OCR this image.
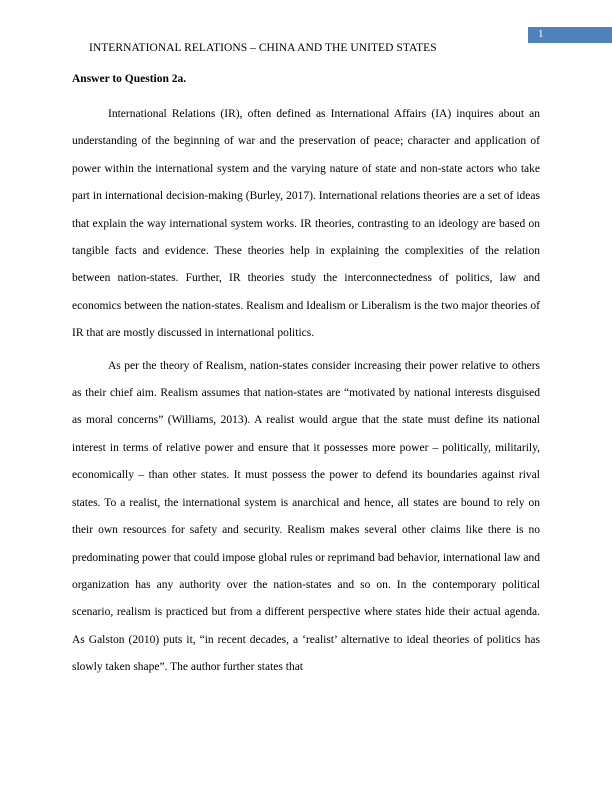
1
INTERNATIONAL RELATIONS – CHINA AND THE UNITED STATES
Answer to Question 2a.

International Relations (IR), often defined as International Affairs (IA) inquires about an understanding of the beginning of war and the preservation of peace; character and application of power within the international system and the varying nature of state and non-state actors who take part in international decision-making (Burley, 2017). International relations theories are a set of ideas that explain the way international system works. IR theories, contrasting to an ideology are based on tangible facts and evidence. These theories help in explaining the complexities of the relation between nation-states. Further, IR theories study the interconnectedness of politics, law and economics between the nation-states. Realism and Idealism or Liberalism is the two major theories of IR that are mostly discussed in international politics.

As per the theory of Realism, nation-states consider increasing their power relative to others as their chief aim. Realism assumes that nation-states are “motivated by national interests disguised as moral concerns” (Williams, 2013). A realist would argue that the state must define its national interest in terms of relative power and ensure that it possesses more power – politically, militarily, economically – than other states. It must possess the power to defend its boundaries against rival states. To a realist, the international system is anarchical and hence, all states are bound to rely on their own resources for safety and security. Realism makes several other claims like there is no predominating power that could impose global rules or reprimand bad behavior, international law and organization has any authority over the nation-states and so on. In the contemporary political scenario, realism is practiced but from a different perspective where states hide their actual agenda. As Galston (2010) puts it, “in recent decades, a ‘realist’ alternative to ideal theories of politics has slowly taken shape”. The author further states that
